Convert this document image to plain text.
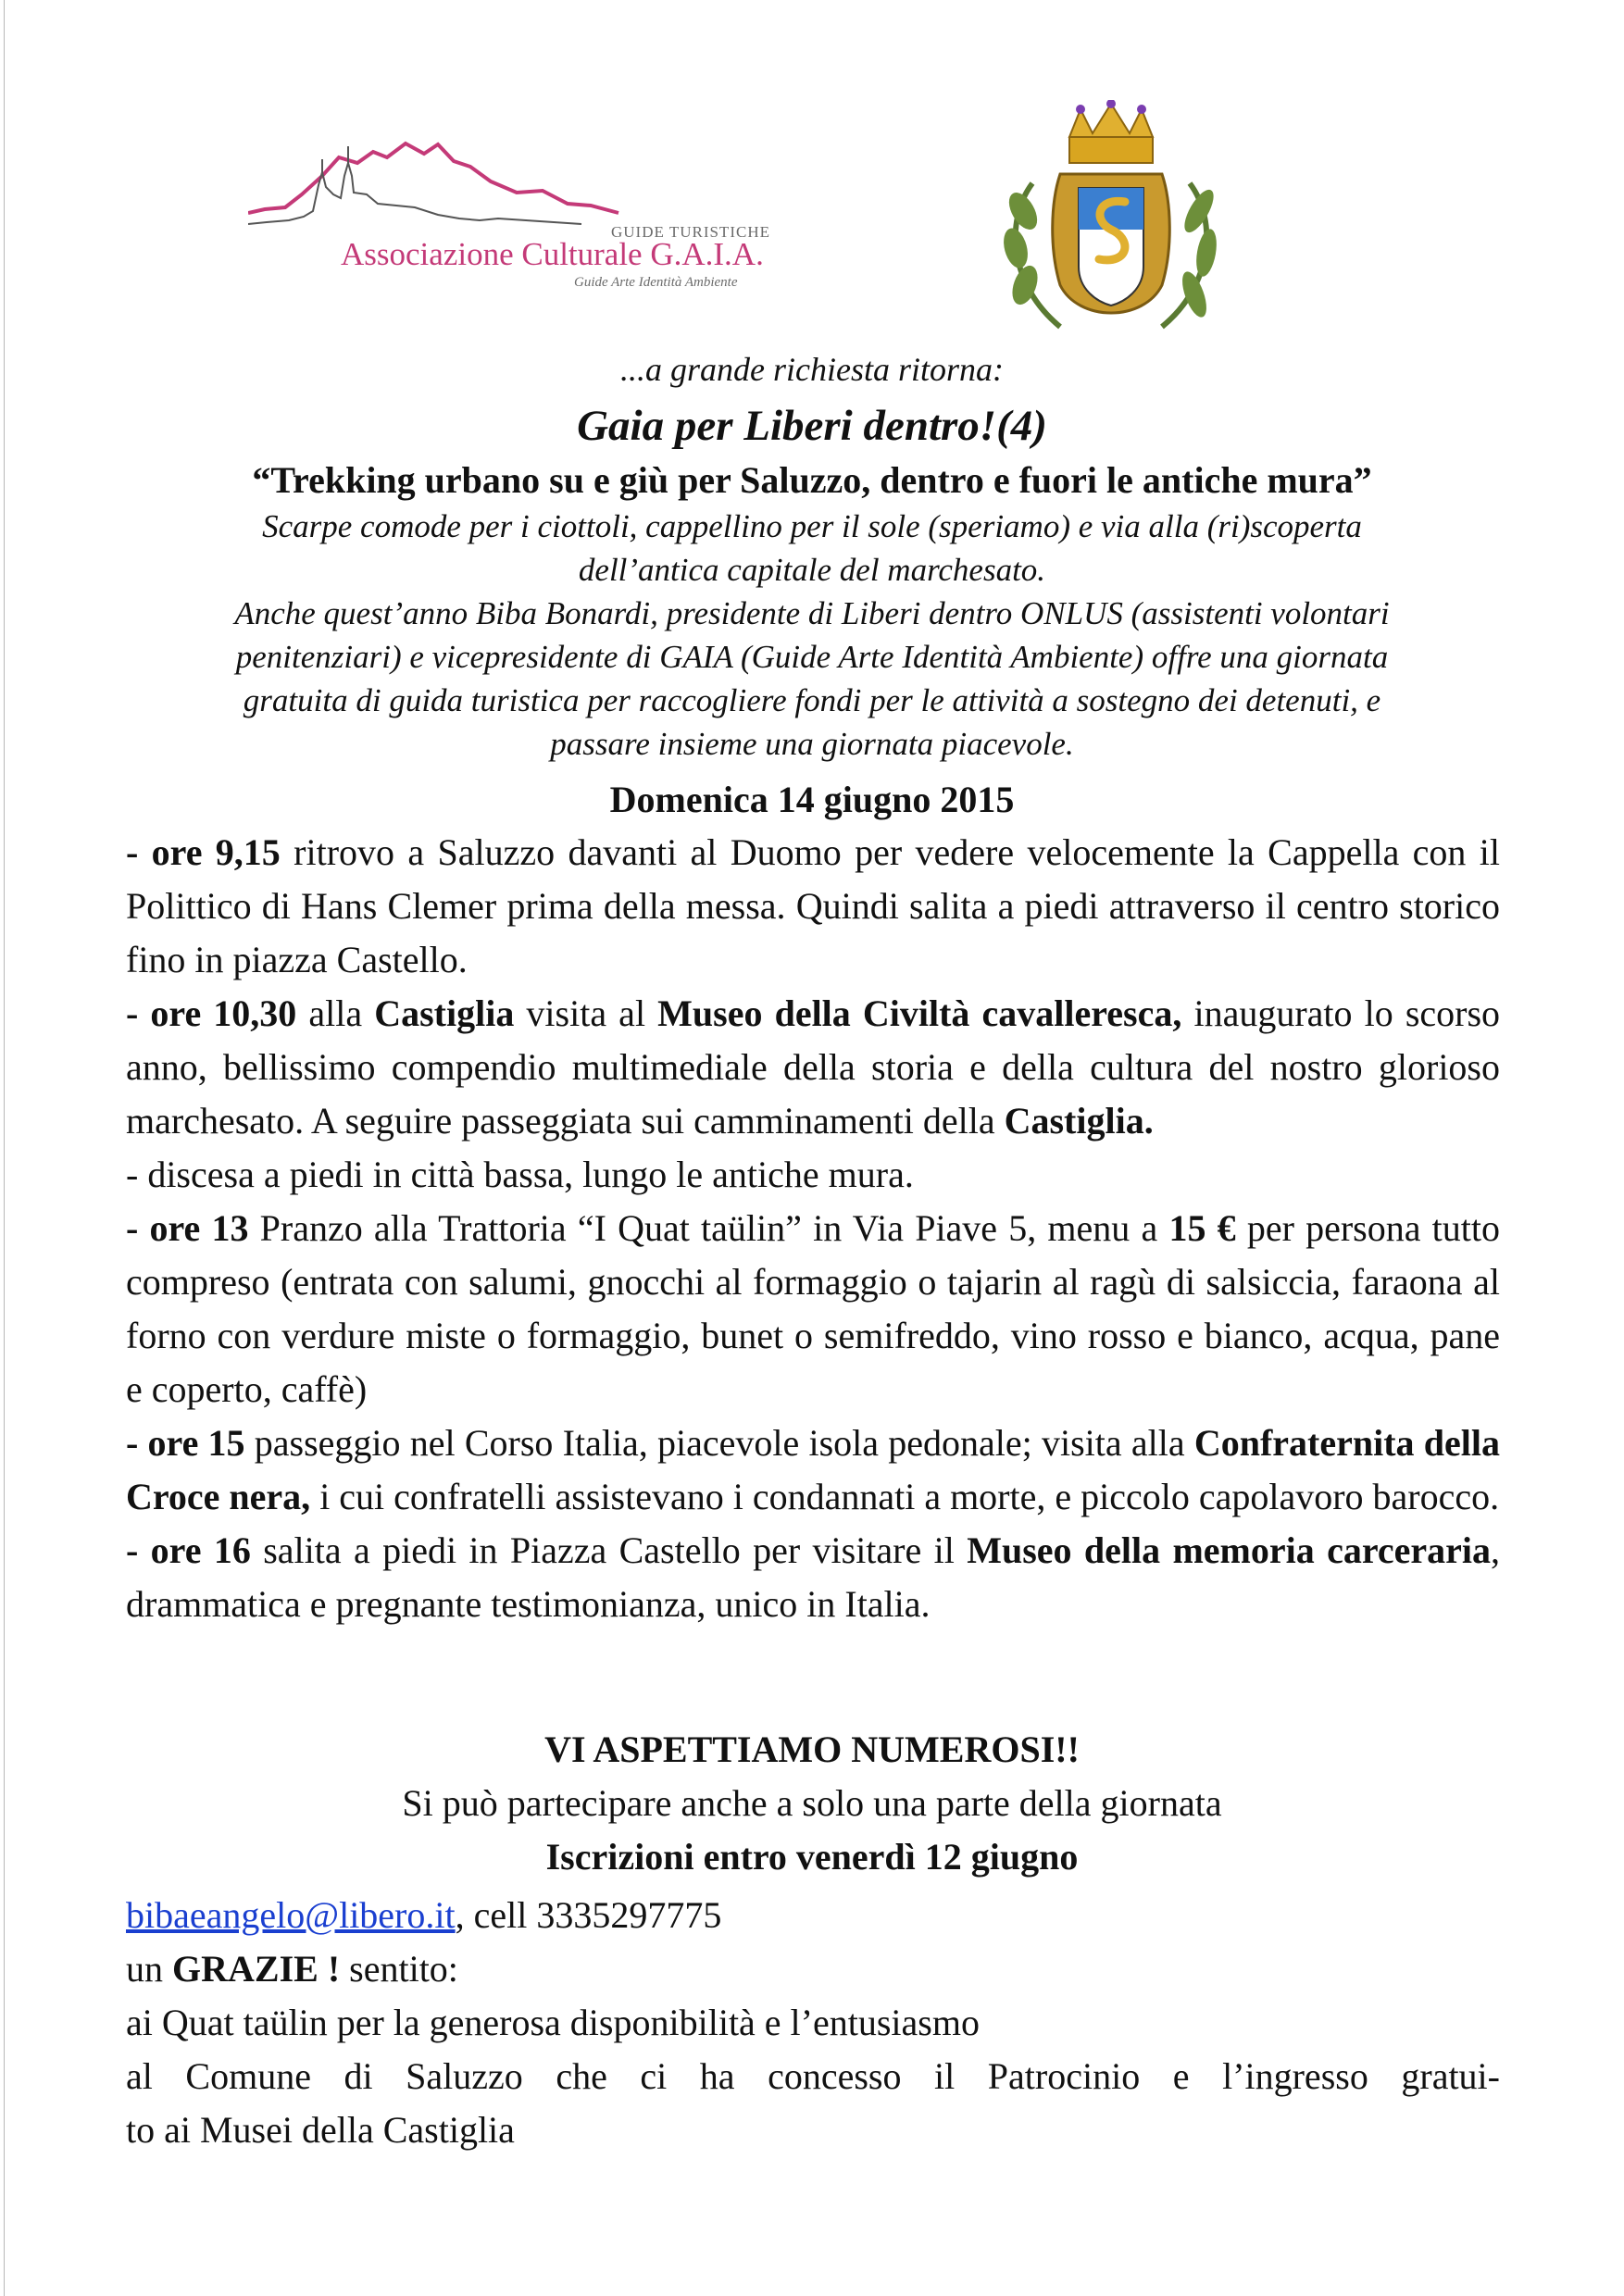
GUIDE TURISTICHE
Associazione Culturale G.A.I.A.
Guide Arte Identità Ambiente
...a grande richiesta ritorna:
Gaia per Liberi dentro!(4)
“Trekking urbano su e giù per Saluzzo, dentro e fuori le antiche mura”

Scarpe comode per i ciottoli, cappellino per il sole (speriamo) e via alla (ri)scoperta

dell’antica capitale del marchesato.

Anche quest’anno Biba Bonardi, presidente di Liberi dentro ONLUS (assistenti volontari

penitenziari) e vicepresidente di GAIA (Guide Arte Identità Ambiente) offre una giornata

gratuita di guida turistica per raccogliere fondi per le attività a sostegno dei detenuti, e

passare insieme una giornata piacevole.

Domenica 14 giugno 2015

- ore 9,15 ritrovo a Saluzzo davanti al Duomo per vedere velocemente la Cappella con il Polittico di Hans Clemer prima della messa. Quindi salita a piedi attraverso il centro storico fino in piazza Castello.

- ore 10,30 alla Castiglia visita al Museo della Civiltà cavalleresca, inaugurato lo scorso anno, bellissimo compendio multimediale della storia e della cultura del nostro glorioso marchesato. A seguire passeggiata sui camminamenti della Castiglia.

- discesa a piedi in città bassa, lungo le antiche mura.

- ore 13 Pranzo alla Trattoria “I Quat taülin” in Via Piave 5, menu a 15 € per persona tutto compreso (entrata con salumi, gnocchi al formaggio o tajarin al ragù di salsiccia, faraona al forno con verdure miste o formaggio, bunet o semifreddo, vino rosso e bianco, acqua, pane e coperto, caffè)

- ore 15 passeggio nel Corso Italia, piacevole isola pedonale; visita alla Confraternita della Croce nera, i cui confratelli assistevano i condannati a morte, e piccolo capolavoro barocco.

- ore 16 salita a piedi in Piazza Castello per visitare il Museo della memoria carceraria, drammatica e pregnante testimonianza, unico in Italia.

VI ASPETTIAMO NUMEROSI!!
Si può partecipare anche a solo una parte della giornata
Iscrizioni entro venerdì 12 giugno

bibaeangelo@libero.it, cell 3335297775

un GRAZIE ! sentito:

ai Quat taülin per la generosa disponibilità e l’entusiasmo

al Comune di Saluzzo che ci ha concesso il Patrocinio e l’ingresso gratui-

to ai Musei della Castiglia
